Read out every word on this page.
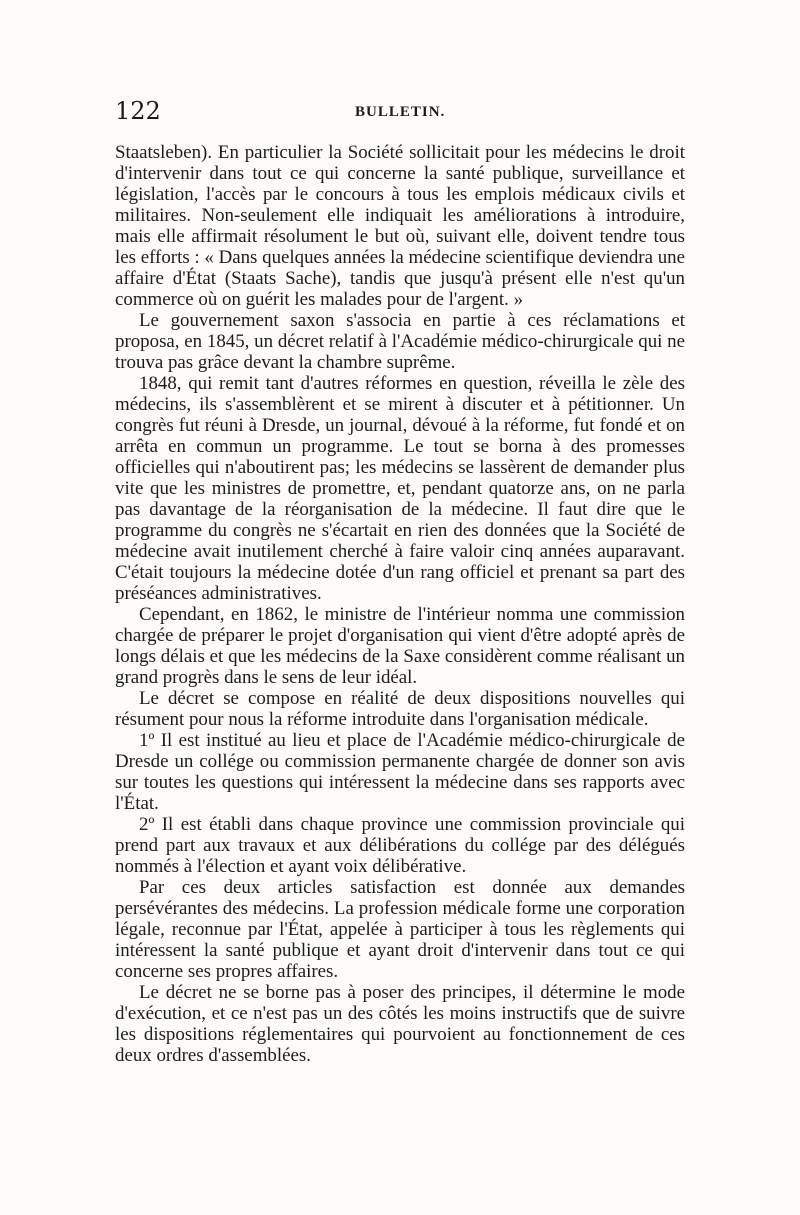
122	BULLETIN.

Staatsleben). En particulier la Société sollicitait pour les médecins le droit d'intervenir dans tout ce qui concerne la santé publique, surveillance et législation, l'accès par le concours à tous les emplois médicaux civils et militaires. Non-seulement elle indiquait les améliorations à introduire, mais elle affirmait résolument le but où, suivant elle, doivent tendre tous les efforts : « Dans quelques années la médecine scientifique deviendra une affaire d'État (Staats Sache), tandis que jusqu'à présent elle n'est qu'un commerce où on guérit les malades pour de l'argent. »

Le gouvernement saxon s'associa en partie à ces réclamations et proposa, en 1845, un décret relatif à l'Académie médico-chirurgicale qui ne trouva pas grâce devant la chambre suprême.

1848, qui remit tant d'autres réformes en question, réveilla le zèle des médecins, ils s'assemblèrent et se mirent à discuter et à pétitionner. Un congrès fut réuni à Dresde, un journal, dévoué à la réforme, fut fondé et on arrêta en commun un programme. Le tout se borna à des promesses officielles qui n'aboutirent pas; les médecins se lassèrent de demander plus vite que les ministres de promettre, et, pendant quatorze ans, on ne parla pas davantage de la réorganisation de la médecine. Il faut dire que le programme du congrès ne s'écartait en rien des données que la Société de médecine avait inutilement cherché à faire valoir cinq années auparavant. C'était toujours la médecine dotée d'un rang officiel et prenant sa part des préséances administratives.

Cependant, en 1862, le ministre de l'intérieur nomma une commission chargée de préparer le projet d'organisation qui vient d'être adopté après de longs délais et que les médecins de la Saxe considèrent comme réalisant un grand progrès dans le sens de leur idéal.

Le décret se compose en réalité de deux dispositions nouvelles qui résument pour nous la réforme introduite dans l'organisation médicale.

1º Il est institué au lieu et place de l'Académie médico-chirurgicale de Dresde un collége ou commission permanente chargée de donner son avis sur toutes les questions qui intéressent la médecine dans ses rapports avec l'État.

2º Il est établi dans chaque province une commission provinciale qui prend part aux travaux et aux délibérations du collége par des délégués nommés à l'élection et ayant voix délibérative.

Par ces deux articles satisfaction est donnée aux demandes persévérantes des médecins. La profession médicale forme une corporation légale, reconnue par l'État, appelée à participer à tous les règlements qui intéressent la santé publique et ayant droit d'intervenir dans tout ce qui concerne ses propres affaires.

Le décret ne se borne pas à poser des principes, il détermine le mode d'exécution, et ce n'est pas un des côtés les moins instructifs que de suivre les dispositions réglementaires qui pourvoient au fonctionnement de ces deux ordres d'assemblées.
